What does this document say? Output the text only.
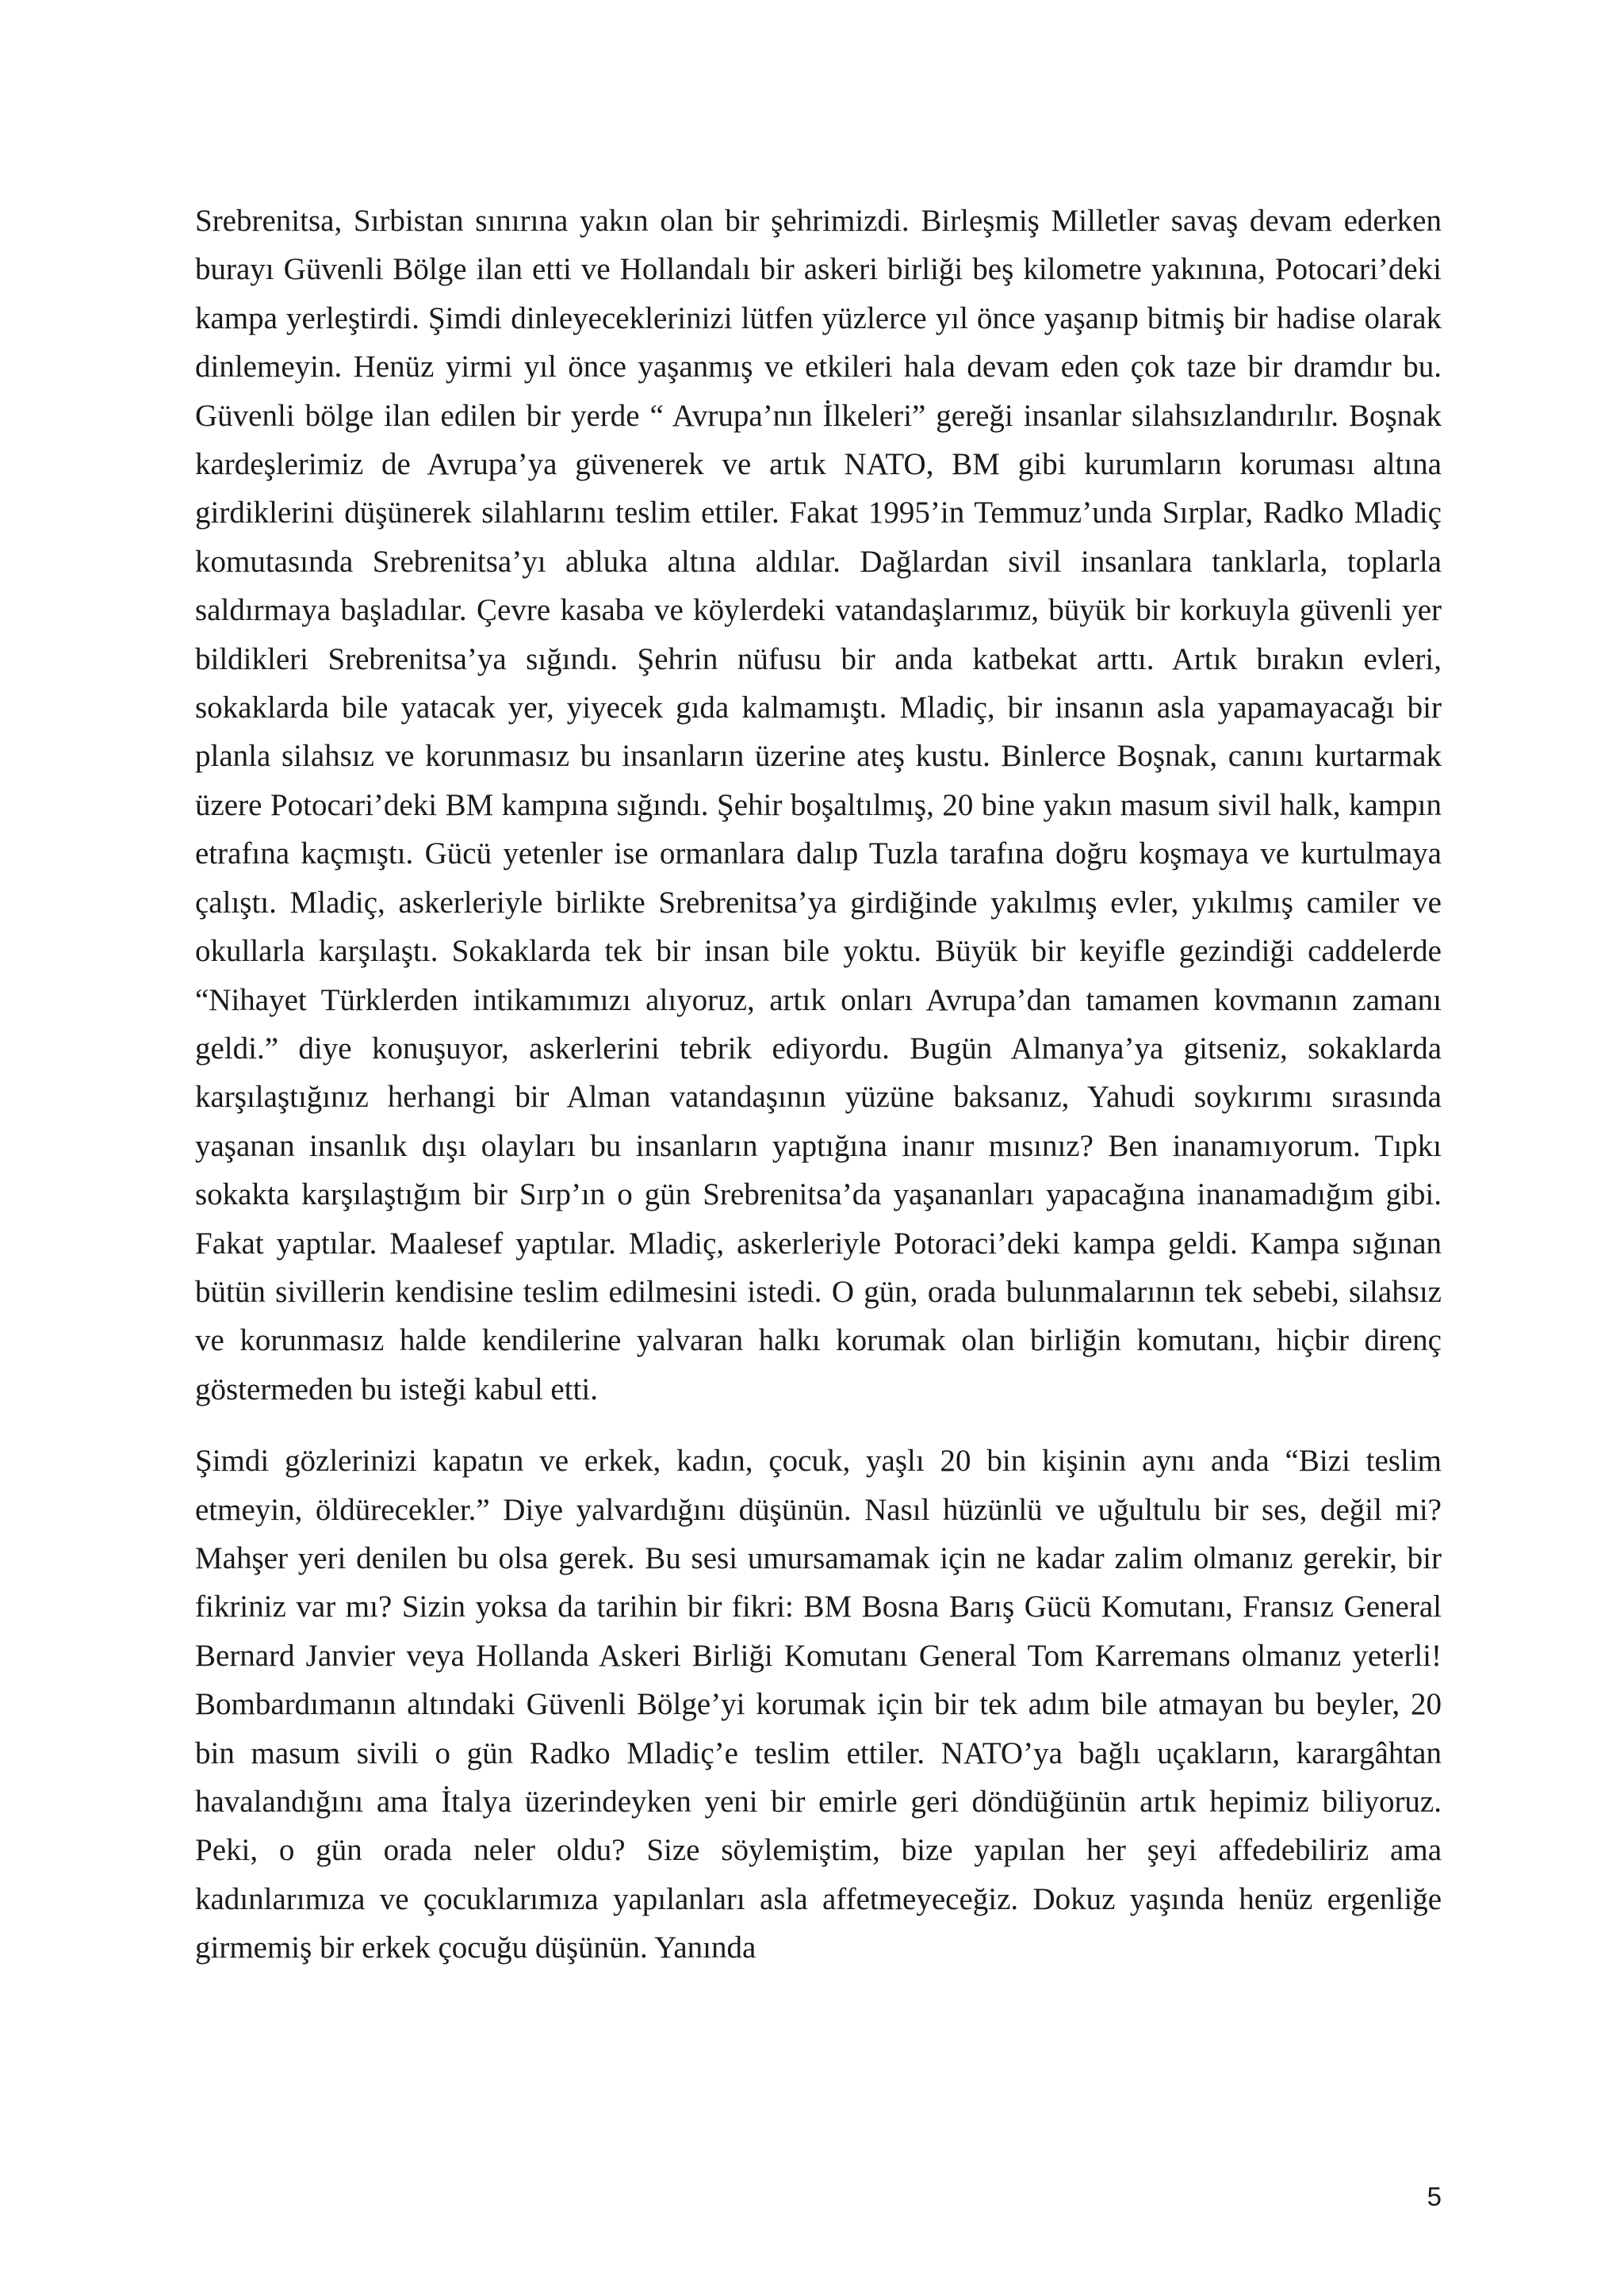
Srebrenitsa, Sırbistan sınırına yakın olan bir şehrimizdi. Birleşmiş Milletler savaş devam ederken burayı Güvenli Bölge ilan etti ve Hollandalı bir askeri birliği beş kilometre yakınına, Potocari’deki kampa yerleştirdi. Şimdi dinleyeceklerinizi lütfen yüzlerce yıl önce yaşanıp bitmiş bir hadise olarak dinlemeyin. Henüz yirmi yıl önce yaşanmış ve etkileri hala devam eden çok taze bir dramdır bu. Güvenli bölge ilan edilen bir yerde “ Avrupa’nın İlkeleri” gereği insanlar silahsızlandırılır. Boşnak kardeşlerimiz de Avrupa’ya güvenerek ve artık NATO, BM gibi kurumların koruması altına girdiklerini düşünerek silahlarını teslim ettiler. Fakat 1995’in Temmuz’unda Sırplar, Radko Mladiç komutasında Srebrenitsa’yı abluka altına aldılar. Dağlardan sivil insanlara tanklarla, toplarla saldırmaya başladılar. Çevre kasaba ve köylerdeki vatandaşlarımız, büyük bir korkuyla güvenli yer bildikleri Srebrenitsa’ya sığındı. Şehrin nüfusu bir anda katbekat arttı. Artık bırakın evleri, sokaklarda bile yatacak yer, yiyecek gıda kalmamıştı. Mladiç, bir insanın asla yapamayacağı bir planla silahsız ve korunmasız bu insanların üzerine ateş kustu. Binlerce Boşnak, canını kurtarmak üzere Potocari’deki BM kampına sığındı. Şehir boşaltılmış, 20 bine yakın masum sivil halk, kampın etrafına kaçmıştı. Gücü yetenler ise ormanlara dalıp Tuzla tarafına doğru koşmaya ve kurtulmaya çalıştı. Mladiç, askerleriyle birlikte Srebrenitsa’ya girdiğinde yakılmış evler, yıkılmış camiler ve okullarla karşılaştı. Sokaklarda tek bir insan bile yoktu. Büyük bir keyifle gezindiği caddelerde “Nihayet Türklerden intikamımızı alıyoruz, artık onları Avrupa’dan tamamen kovmanın zamanı geldi.” diye konuşuyor, askerlerini tebrik ediyordu. Bugün Almanya’ya gitseniz, sokaklarda karşılaştığınız herhangi bir Alman vatandaşının yüzüne baksanız, Yahudi soykırımı sırasında yaşanan insanlık dışı olayları bu insanların yaptığına inanır mısınız? Ben inanamıyorum. Tıpkı sokakta karşılaştığım bir Sırp’ın o gün Srebrenitsa’da yaşananları yapacağına inanamadığım gibi. Fakat yaptılar. Maalesef yaptılar. Mladiç, askerleriyle Potoraci’deki kampa geldi. Kampa sığınan bütün sivillerin kendisine teslim edilmesini istedi. O gün, orada bulunmalarının tek sebebi, silahsız ve korunmasız halde kendilerine yalvaran halkı korumak olan birliğin komutanı, hiçbir direnç göstermeden bu isteği kabul etti.

Şimdi gözlerinizi kapatın ve erkek, kadın, çocuk, yaşlı 20 bin kişinin aynı anda “Bizi teslim etmeyin, öldürecekler.” Diye yalvardığını düşünün. Nasıl hüzünlü ve uğultulu bir ses, değil mi? Mahşer yeri denilen bu olsa gerek. Bu sesi umursamamak için ne kadar zalim olmanız gerekir, bir fikriniz var mı? Sizin yoksa da tarihin bir fikri: BM Bosna Barış Gücü Komutanı, Fransız General Bernard Janvier veya Hollanda Askeri Birliği Komutanı General Tom Karremans olmanız yeterli! Bombardımanın altındaki Güvenli Bölge’yi korumak için bir tek adım bile atmayan bu beyler, 20 bin masum sivili o gün Radko Mladiç’e teslim ettiler. NATO’ya bağlı uçakların, karargâhtan havalandığını ama İtalya üzerindeyken yeni bir emirle geri döndüğünün artık hepimiz biliyoruz. Peki, o gün orada neler oldu? Size söylemiştim, bize yapılan her şeyi affedebiliriz ama kadınlarımıza ve çocuklarımıza yapılanları asla affetmeyeceğiz. Dokuz yaşında henüz ergenliğe girmemiş bir erkek çocuğu düşünün. Yanında

5
